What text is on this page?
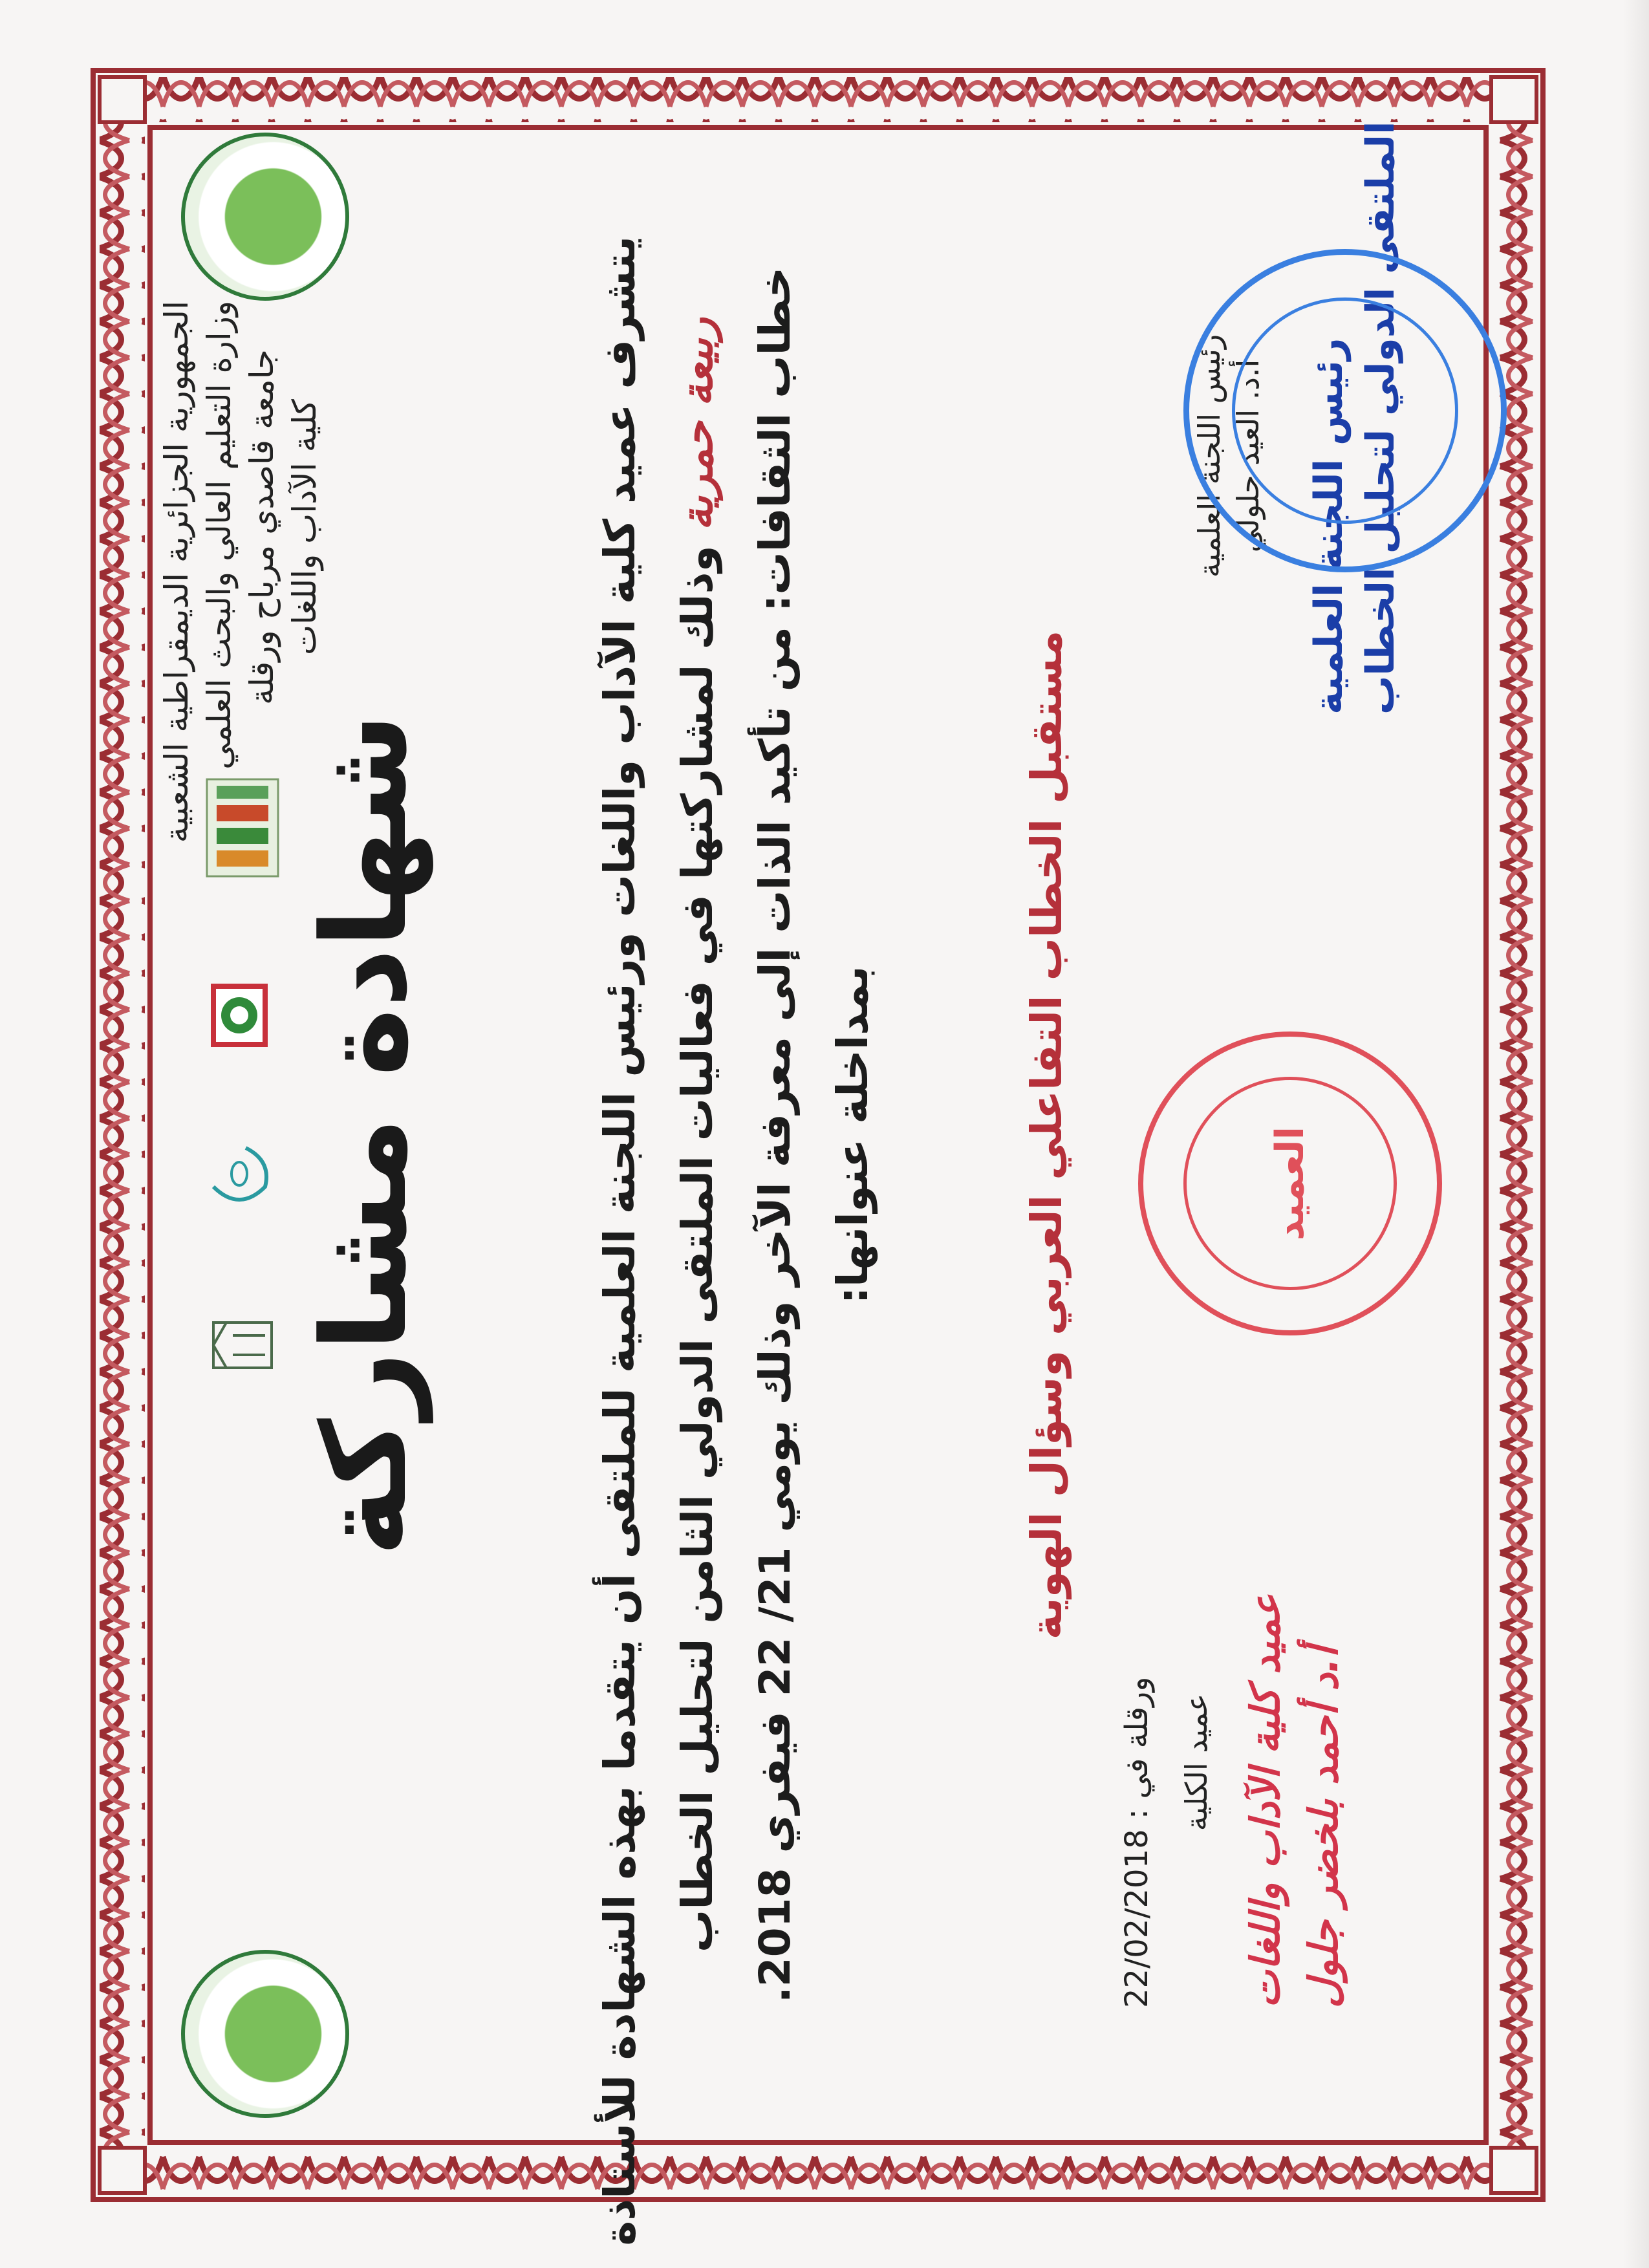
الجمهورية الجزائرية الديمقراطية الشعبية وزارة التعليم العالي والبحث العلمي جامعة قاصدي مرباح ورقلة كلية الآداب واللغات
شهادة مشاركة	يتشرف عميد كلية الآداب واللغات ورئيس اللجنة العلمية للملتقى أن يتقدما بهذه الشهادة للأستاذة ربيعة حمرية وذلك لمشاركتها في فعاليات الملتقى الدولي الثامن لتحليل الخطاب
خطاب الثقافات: من تأكيد الذات إلى معرفة الآخر وذلك يومي 21/ 22 فيفري 2018. بمداخلة عنوانها:	مستقبل الخطاب التفاعلي العربي وسؤال الهوية
رئيس اللجنة العلمية أ.د. العيد جلولي رئيس اللجنة العلمية الملتقى الدولي لتحليل الخطاب
ورقلة في : 22/02/2018 عميد الكلية عميد كلية الآداب واللغات أ.د أحمد بلخضر جلول
العميد
